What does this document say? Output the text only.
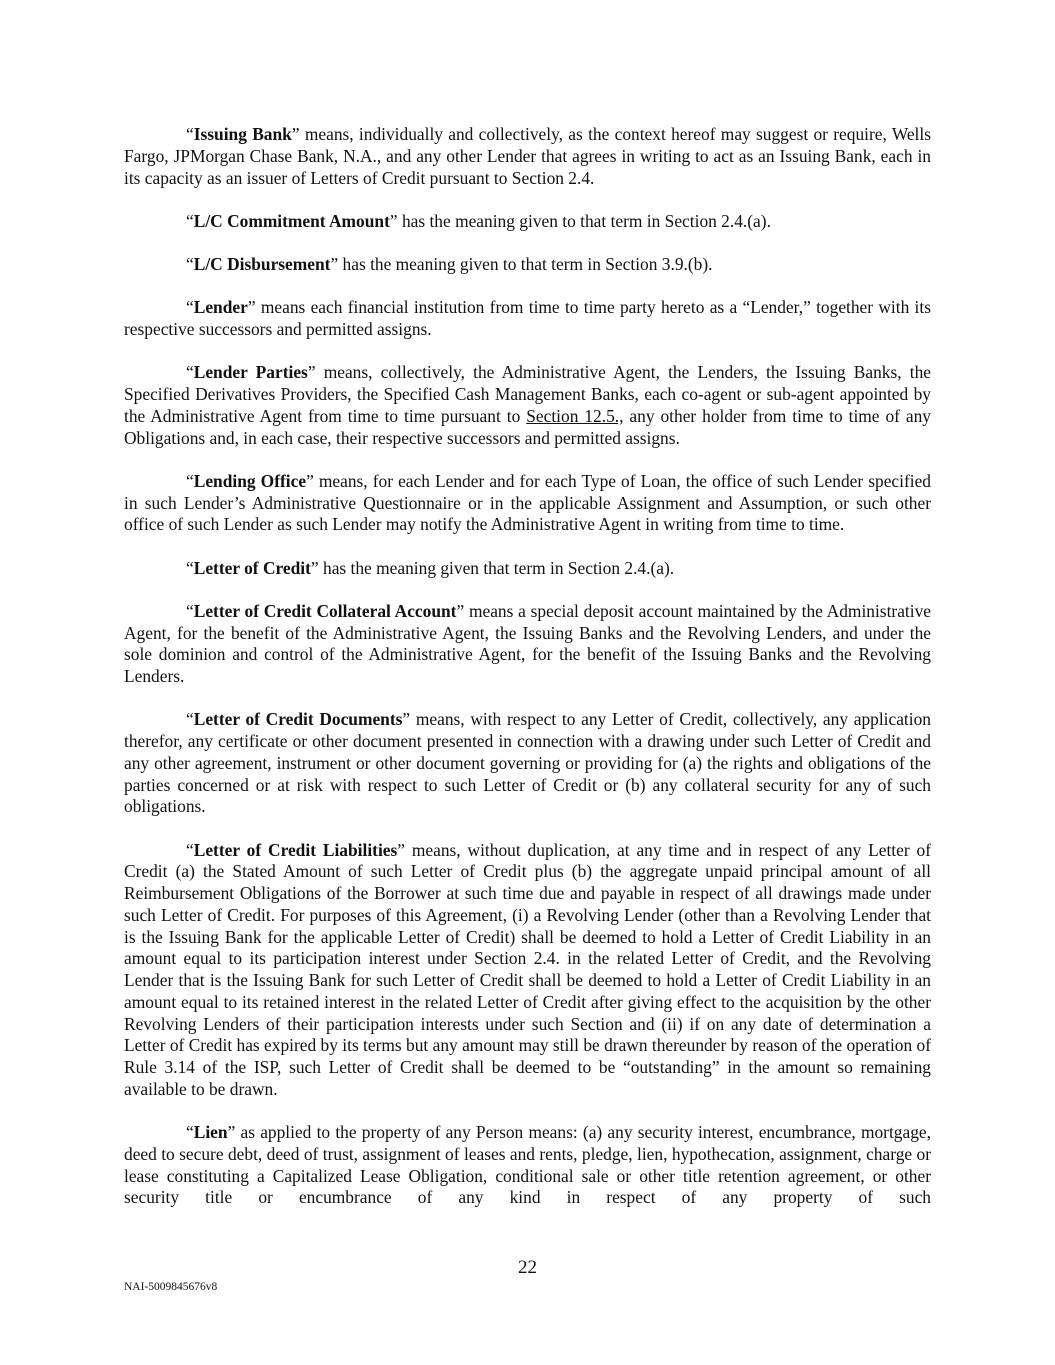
“Issuing Bank” means, individually and collectively, as the context hereof may suggest or require, Wells Fargo, JPMorgan Chase Bank, N.A., and any other Lender that agrees in writing to act as an Issuing Bank, each in its capacity as an issuer of Letters of Credit pursuant to Section 2.4.

“L/C Commitment Amount” has the meaning given to that term in Section 2.4.(a).

“L/C Disbursement” has the meaning given to that term in Section 3.9.(b).

“Lender” means each financial institution from time to time party hereto as a “Lender,” together with its respective successors and permitted assigns.

“Lender Parties” means, collectively, the Administrative Agent, the Lenders, the Issuing Banks, the Specified Derivatives Providers, the Specified Cash Management Banks, each co-agent or sub-agent appointed by the Administrative Agent from time to time pursuant to Section 12.5., any other holder from time to time of any Obligations and, in each case, their respective successors and permitted assigns.

“Lending Office” means, for each Lender and for each Type of Loan, the office of such Lender specified in such Lender’s Administrative Questionnaire or in the applicable Assignment and Assumption, or such other office of such Lender as such Lender may notify the Administrative Agent in writing from time to time.

“Letter of Credit” has the meaning given that term in Section 2.4.(a).

“Letter of Credit Collateral Account” means a special deposit account maintained by the Administrative Agent, for the benefit of the Administrative Agent, the Issuing Banks and the Revolving Lenders, and under the sole dominion and control of the Administrative Agent, for the benefit of the Issuing Banks and the Revolving Lenders.

“Letter of Credit Documents” means, with respect to any Letter of Credit, collectively, any application therefor, any certificate or other document presented in connection with a drawing under such Letter of Credit and any other agreement, instrument or other document governing or providing for (a) the rights and obligations of the parties concerned or at risk with respect to such Letter of Credit or (b) any collateral security for any of such obligations.

“Letter of Credit Liabilities” means, without duplication, at any time and in respect of any Letter of Credit (a) the Stated Amount of such Letter of Credit plus (b) the aggregate unpaid principal amount of all Reimbursement Obligations of the Borrower at such time due and payable in respect of all drawings made under such Letter of Credit. For purposes of this Agreement, (i) a Revolving Lender (other than a Revolving Lender that is the Issuing Bank for the applicable Letter of Credit) shall be deemed to hold a Letter of Credit Liability in an amount equal to its participation interest under Section 2.4. in the related Letter of Credit, and the Revolving Lender that is the Issuing Bank for such Letter of Credit shall be deemed to hold a Letter of Credit Liability in an amount equal to its retained interest in the related Letter of Credit after giving effect to the acquisition by the other Revolving Lenders of their participation interests under such Section and (ii) if on any date of determination a Letter of Credit has expired by its terms but any amount may still be drawn thereunder by reason of the operation of Rule 3.14 of the ISP, such Letter of Credit shall be deemed to be “outstanding” in the amount so remaining available to be drawn.

“Lien” as applied to the property of any Person means: (a) any security interest, encumbrance, mortgage, deed to secure debt, deed of trust, assignment of leases and rents, pledge, lien, hypothecation, assignment, charge or lease constituting a Capitalized Lease Obligation, conditional sale or other title retention agreement, or other security title or encumbrance of any kind in respect of any property of such

22
NAI-5009845676v8
